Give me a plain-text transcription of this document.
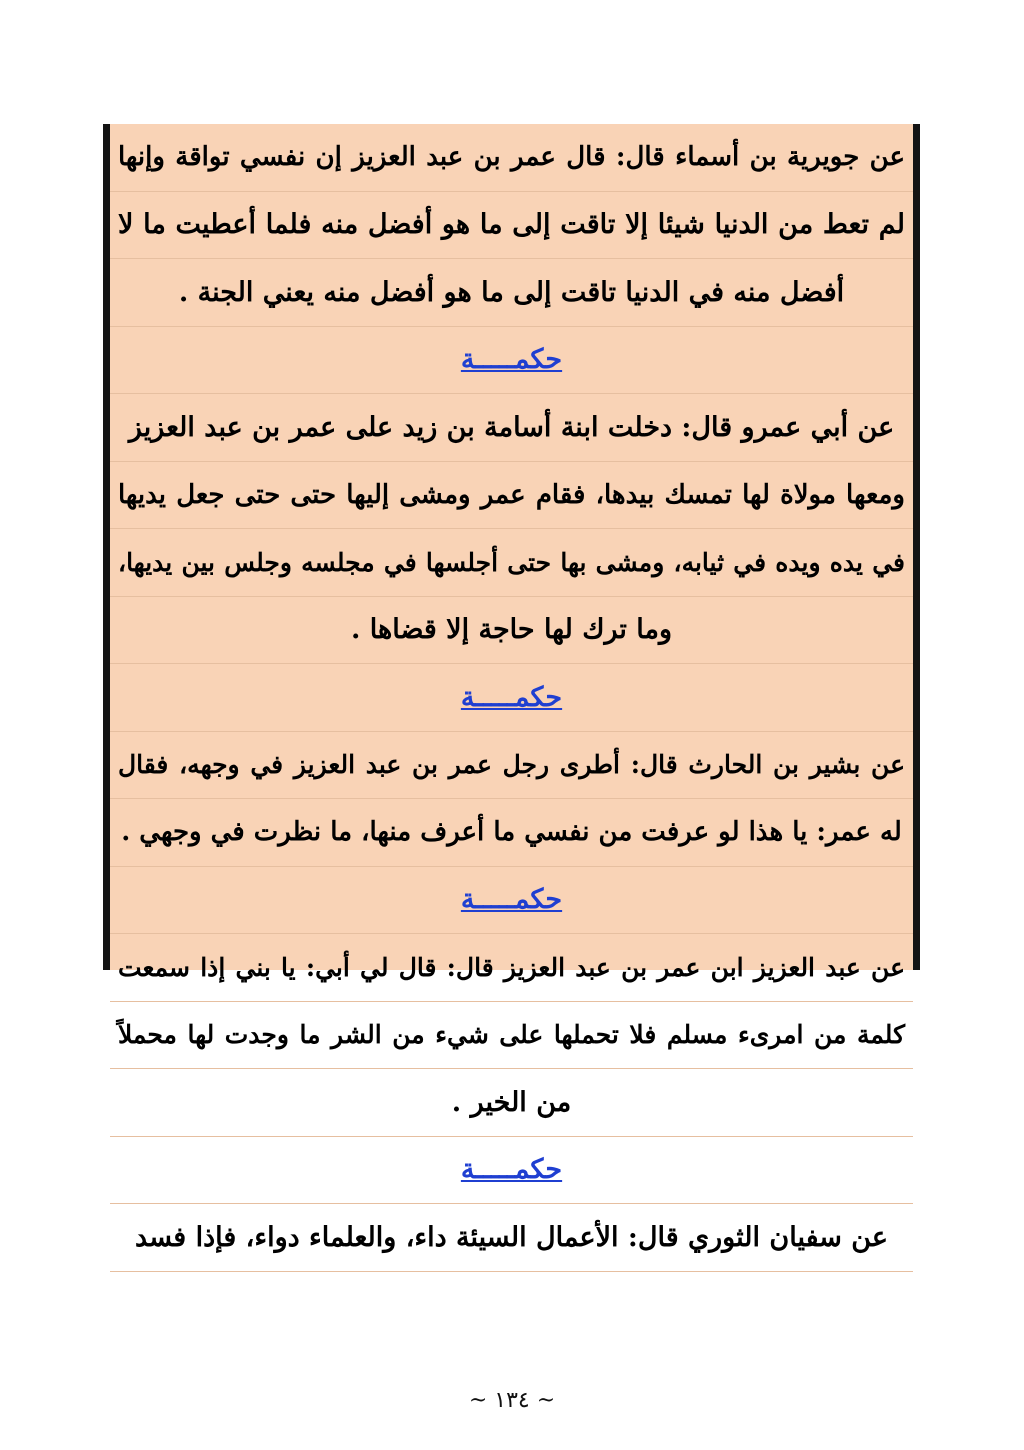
عن جويرية بن أسماء قال: قال عمر بن عبد العزيز إن نفسي تواقة وإنها
لم تعط من الدنيا شيئا إلا تاقت إلى ما هو أفضل منه فلما أعطيت ما لا
أفضل منه في الدنيا تاقت إلى ما هو أفضل منه يعني الجنة .
حكمـــــة
عن أبي عمرو قال: دخلت ابنة أسامة بن زيد على عمر بن عبد العزيز
ومعها مولاة لها تمسك بيدها، فقام عمر ومشى إليها حتى حتى جعل يديها
في يده ويده في ثيابه، ومشى بها حتى أجلسها في مجلسه وجلس بين يديها،
وما ترك لها حاجة إلا قضاها .
حكمـــــة
عن بشير بن الحارث قال: أطرى رجل عمر بن عبد العزيز في وجهه، فقال
له عمر: يا هذا لو عرفت من نفسي ما أعرف منها، ما نظرت في وجهي .
حكمـــــة
عن عبد العزيز ابن عمر بن عبد العزيز قال: قال لي أبي: يا بني إذا سمعت
كلمة من امرىء مسلم فلا تحملها على شيء من الشر ما وجدت لها محملاً
من الخير .
حكمـــــة
عن سفيان الثوري قال: الأعمال السيئة داء، والعلماء دواء، فإذا فسد
~ ١٣٤ ~
